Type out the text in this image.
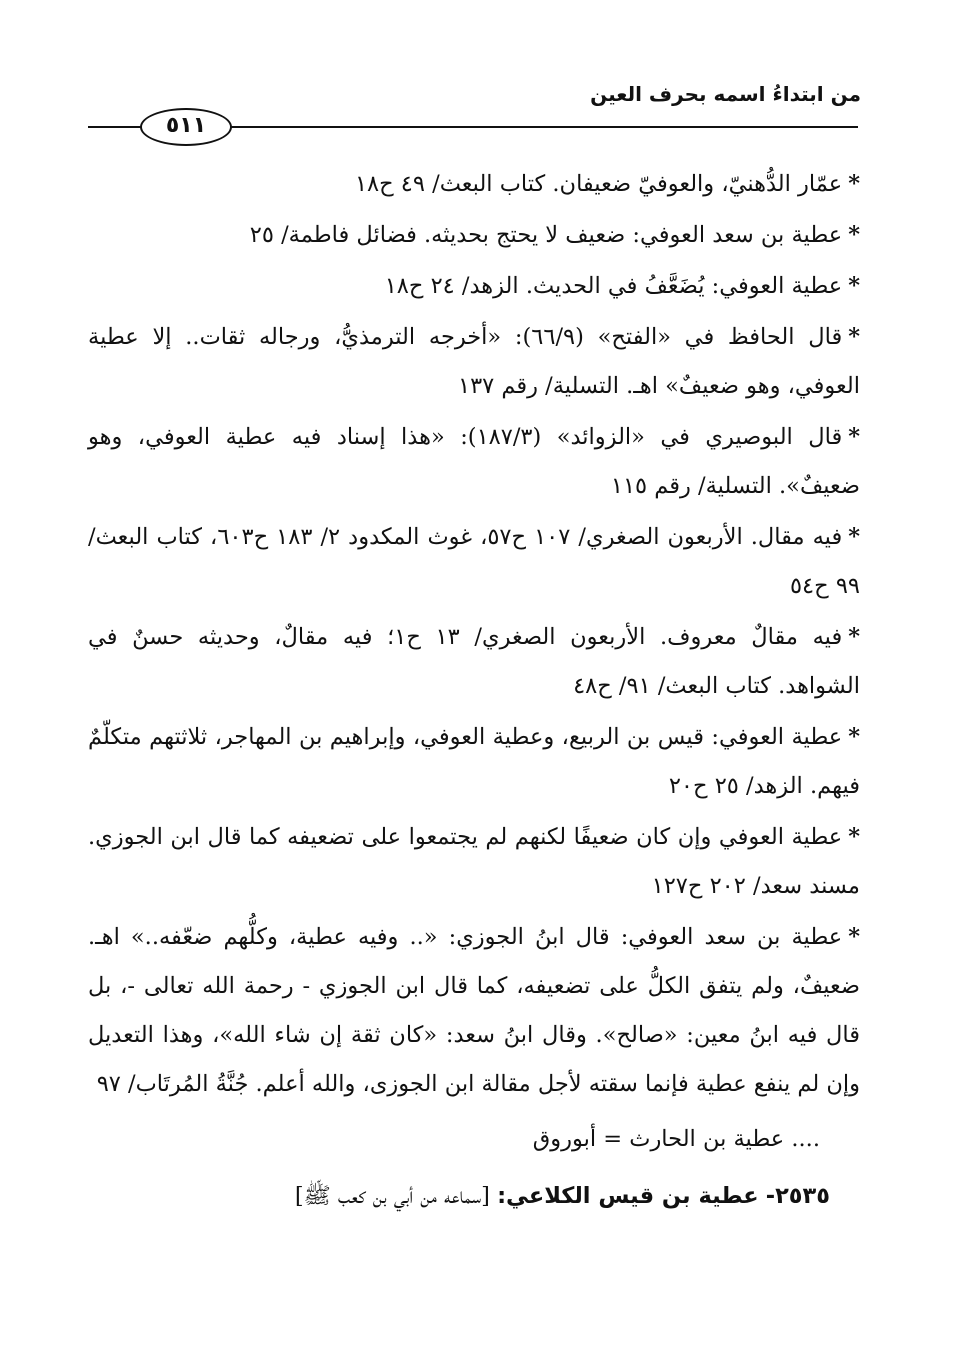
من ابتداءُ اسمه بحرف العين
٥١١

*عمّار الدُّهنيّ، والعوفيّ ضعيفان. كتاب البعث/ ٤٩ ح١٨

*عطية بن سعد العوفي: ضعيف لا يحتج بحديثه. فضائل فاطمة/ ٢٥

*عطية العوفي: يُضَعَّفُ في الحديث. الزهد/ ٢٤ ح١٨

*قال الحافظ في «الفتح» (٦٦/٩): «أخرجه الترمذيُّ، ورجاله ثقات.. إلا عطية العوفي، وهو ضعيفٌ» اهـ. التسلية/ رقم ١٣٧

*قال البوصيري في «الزوائد» (١٨٧/٣): «هذا إسناد فيه عطية العوفي، وهو ضعيفٌ». التسلية/ رقم ١١٥

*فيه مقال. الأربعون الصغري/ ١٠٧ ح٥٧، غوث المكدود ٢/ ١٨٣ ح٦٠٣، كتاب البعث/ ٩٩ ح٥٤

*فيه مقالٌ معروف. الأربعون الصغري/ ١٣ ح١؛ فيه مقالٌ، وحديثه حسنٌ في الشواهد. كتاب البعث/ ٩١/ ح٤٨

*عطية العوفي: قيس بن الربيع، وعطية العوفي، وإبراهيم بن المهاجر، ثلاثتهم متكلّمٌ فيهم. الزهد/ ٢٥ ح٢٠

*عطية العوفي وإن كان ضعيفًا لكنهم لم يجتمعوا على تضعيفه كما قال ابن الجوزي. مسند سعد/ ٢٠٢ ح١٢٧

*عطية بن سعد العوفي: قال ابنُ الجوزي: «.. وفيه عطية، وكلُّهم ضعّفه..» اهـ. ضعيفٌ، ولم يتفق الكلُّ على تضعيفه، كما قال ابن الجوزي - رحمة الله تعالى -، بل قال فيه ابنُ معين: «صالح». وقال ابنُ سعد: «كان ثقة إن شاء الله»، وهذا التعديل وإن لم ينفع عطية فإنما سقته لأجل مقالة ابن الجوزى، والله أعلم. جُنَّةُ المُرتَاب/ ٩٧

.... عطية بن الحارث = أبوروق

٢٥٣٥- عطية بن قيس الكلاعي: [سماعه من أبي بن كعب ﷺ]
